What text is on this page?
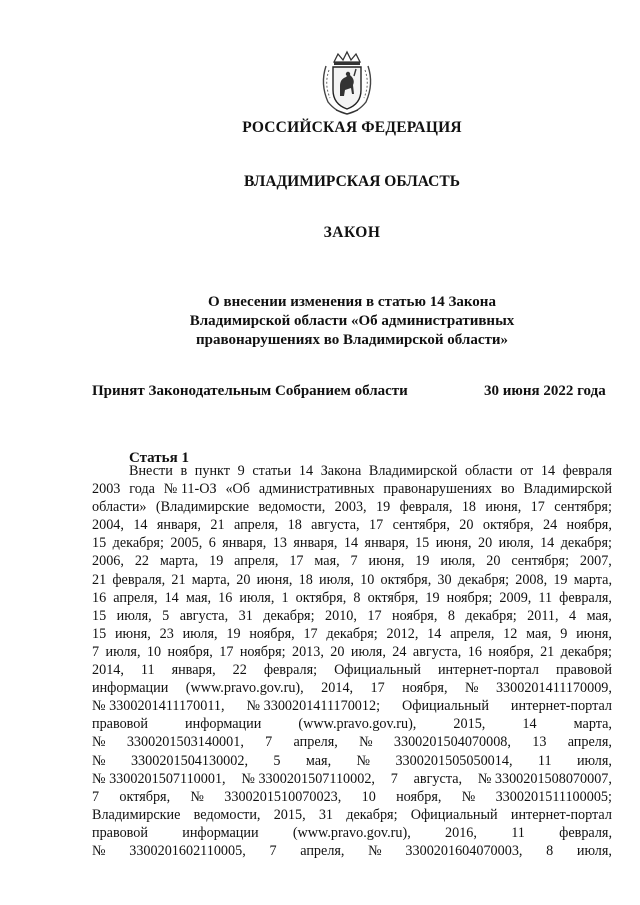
РОССИЙСКАЯ ФЕДЕРАЦИЯ
ВЛАДИМИРСКАЯ ОБЛАСТЬ
ЗАКОН
О внесении изменения в статью 14 Закона
Владимирской области «Об административных
правонарушениях во Владимирской области»
Принят Законодательным Собранием области	30 июня 2022 года
Статья 1
Внести в пункт 9 статьи 14 Закона Владимирской области от 14 февраля
2003 года № 11-ОЗ «Об административных правонарушениях во Владимирской
области» (Владимирские ведомости, 2003, 19 февраля, 18 июня, 17 сентября;
2004, 14 января, 21 апреля, 18 августа, 17 сентября, 20 октября, 24 ноября,
15 декабря; 2005, 6 января, 13 января, 14 января, 15 июня, 20 июля, 14 декабря;
2006, 22 марта, 19 апреля, 17 мая, 7 июня, 19 июля, 20 сентября; 2007,
21 февраля, 21 марта, 20 июня, 18 июля, 10 октября, 30 декабря; 2008, 19 марта,
16 апреля, 14 мая, 16 июля, 1 октября, 8 октября, 19 ноября; 2009, 11 февраля,
15 июля, 5 августа, 31 декабря; 2010, 17 ноября, 8 декабря; 2011, 4 мая,
15 июня, 23 июля, 19 ноября, 17 декабря; 2012, 14 апреля, 12 мая, 9 июня,
7 июля, 10 ноября, 17 ноября; 2013, 20 июля, 24 августа, 16 ноября, 21 декабря;
2014, 11 января, 22 февраля; Официальный интернет-портал правовой
информации (www.pravo.gov.ru), 2014, 17 ноября, № 3300201411170009,
№ 3300201411170011, № 3300201411170012; Официальный интернет-портал
правовой	информации	(www.pravo.gov.ru),	2015,	14	марта,
№ 3300201503140001, 7 апреля, № 3300201504070008, 13 апреля,
№ 3300201504130002, 5 мая, № 3300201505050014, 11 июля,
№ 3300201507110001, № 3300201507110002, 7 августа, № 3300201508070007,
7 октября, № 3300201510070023, 10 ноября, № 3300201511100005;
Владимирские ведомости, 2015, 31 декабря; Официальный интернет-портал
правовой информации (www.pravo.gov.ru), 2016, 11 февраля,
№ 3300201602110005, 7 апреля, № 3300201604070003, 8 июля,
